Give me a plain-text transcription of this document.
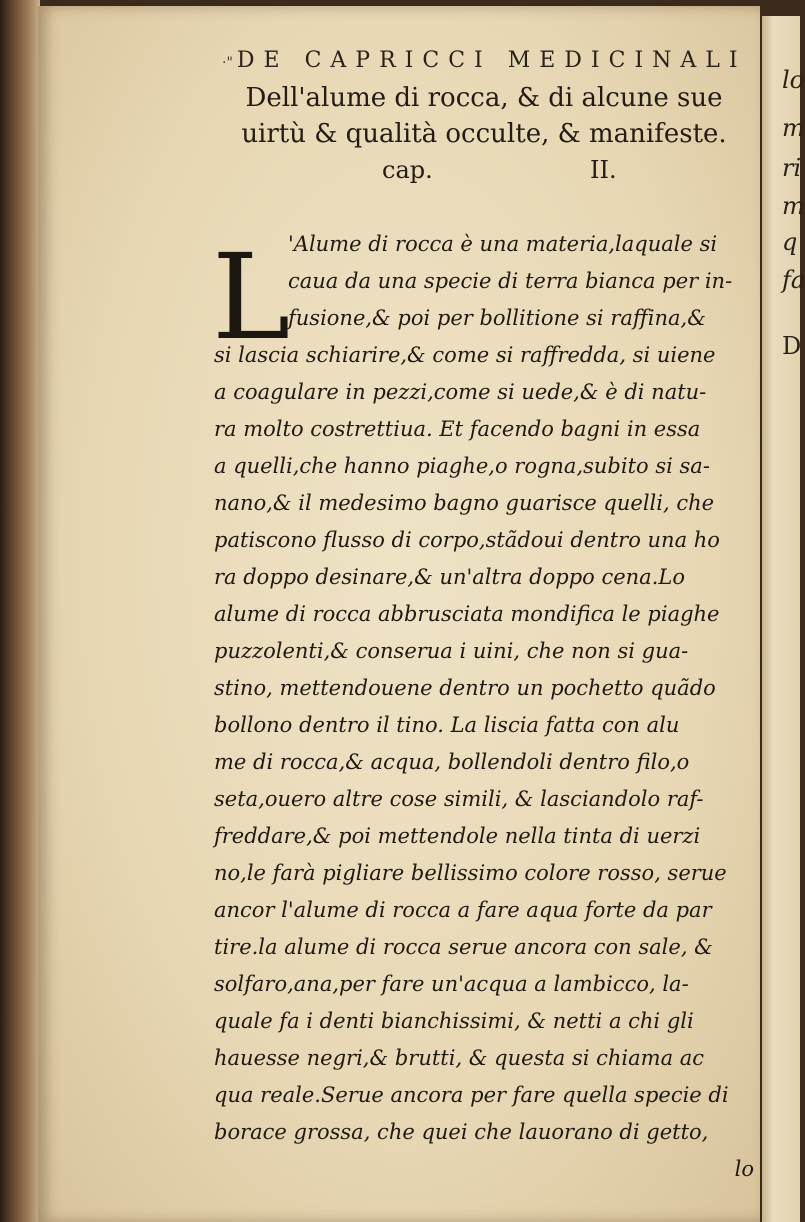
lo
m
ri
m
q
fa
D
·" DE CAPRICCI MEDICINALI
Dell'alume di rocca, & di alcune sue uirtù & qualità occulte, & manifeste.
cap.	II.
L
'Alume di rocca è una materia,laquale si
caua da una specie di terra bianca per in-
fusione,& poi per bollitione si raffina,&
si lascia schiarire,& come si raffredda, si uiene
a coagulare in pezzi,come si uede,& è di natu-
ra molto costrettiua. Et facendo bagni in essa
a quelli,che hanno piaghe,o rogna,subito si sa-
nano,& il medesimo bagno guarisce quelli, che
patiscono flusso di corpo,stãdoui dentro una ho
ra doppo desinare,& un'altra doppo cena.Lo
alume di rocca abbrusciata mondifica le piaghe
puzzolenti,& conserua i uini, che non si gua-
stino, mettendouene dentro un pochetto quãdo
bollono dentro il tino. La liscia fatta con alu
me di rocca,& acqua, bollendoli dentro filo,o
seta,ouero altre cose simili, & lasciandolo raf-
freddare,& poi mettendole nella tinta di uerzi
no,le farà pigliare bellissimo colore rosso, serue
ancor l'alume di rocca a fare aqua forte da par
tire.la alume di rocca serue ancora con sale, &
solfaro,ana,per fare un'acqua a lambicco, la-
quale fa i denti bianchissimi, & netti a chi gli
hauesse negri,& brutti, & questa si chiama ac
qua reale.Serue ancora per fare quella specie di
borace grossa, che quei che lauorano di getto,
lo
